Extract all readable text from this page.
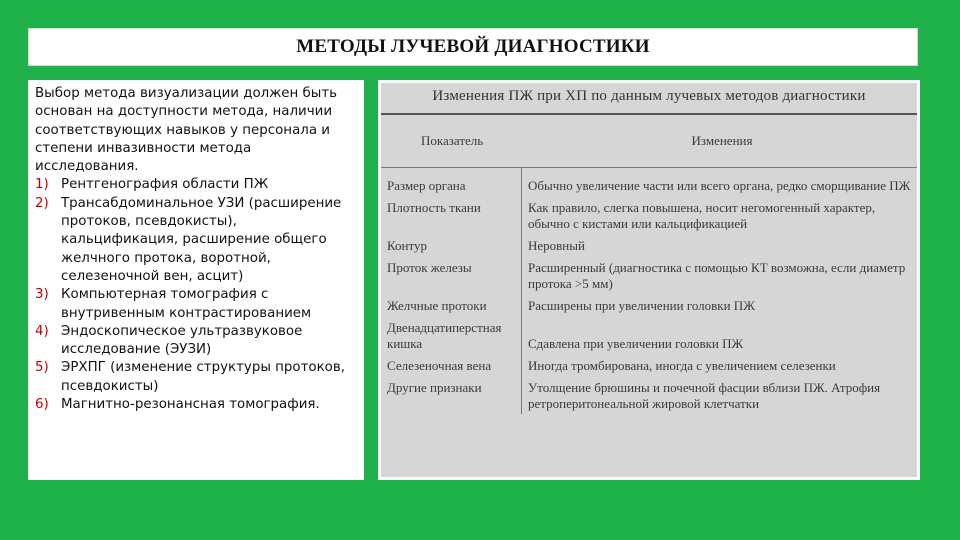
МЕТОДЫ ЛУЧЕВОЙ ДИАГНОСТИКИ

Выбор метода визуализации должен быть основан на доступности метода, наличии соответствующих навыков у персонала и степени инвазивности метода исследования.

1) Рентгенография области ПЖ
2) Трансабдоминальное УЗИ (расширение протоков, псевдокисты), кальцификация, расширение общего желчного протока, воротной, селезеночной вен, асцит)
3) Компьютерная томография с внутривенным контрастированием
4) Эндоскопическое ультразвуковое исследование (ЭУЗИ)
5) ЭРХПГ (изменение структуры протоков, псевдокисты)
6) Магнитно-резонансная томография.
Изменения ПЖ при ХП по данным лучевых методов диагностики
Показатель	Изменения

Размер органа	Обычно увеличение части или всего органа, редко сморщивание ПЖ
Плотность ткани	Как правило, слегка повышена, носит негомогенный характер, обычно с кистами или кальцификацией
Контур	Неровный
Проток железы	Расширенный (диагностика с помощью КТ возможна, если диаметр протока >5 мм)
Желчные протоки	Расширены при увеличении головки ПЖ
Двенадцатиперстная кишка	Сдавлена при увеличении головки ПЖ
Селезеночная вена	Иногда тромбирована, иногда с увеличением селезенки
Другие признаки	Утолщение брюшины и почечной фасции вблизи ПЖ. Атрофия ретроперитонеальной жировой клетчатки
